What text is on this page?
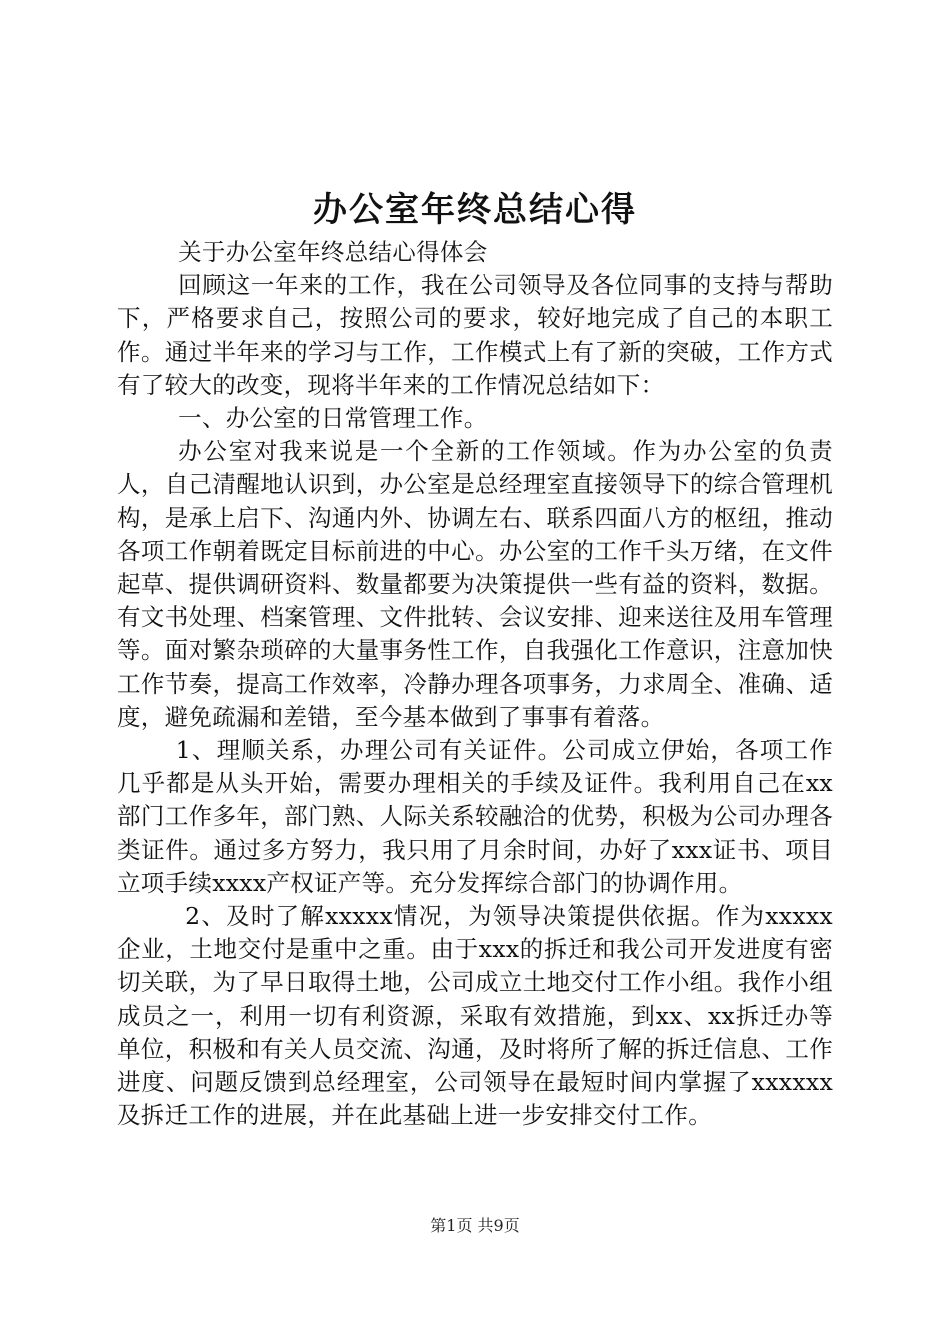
办公室年终总结心得

关于办公室年终总结心得体会

回顾这一年来的工作，我在公司领导及各位同事的支持与帮助下，严格要求自己，按照公司的要求，较好地完成了自己的本职工作。通过半年来的学习与工作，工作模式上有了新的突破，工作方式有了较大的改变，现将半年来的工作情况总结如下：

一、办公室的日常管理工作。

办公室对我来说是一个全新的工作领域。作为办公室的负责人，自己清醒地认识到，办公室是总经理室直接领导下的综合管理机构，是承上启下、沟通内外、协调左右、联系四面八方的枢纽，推动各项工作朝着既定目标前进的中心。办公室的工作千头万绪，在文件起草、提供调研资料、数量都要为决策提供一些有益的资料，数据。有文书处理、档案管理、文件批转、会议安排、迎来送往及用车管理等。面对繁杂琐碎的大量事务性工作，自我强化工作意识，注意加快工作节奏，提高工作效率，冷静办理各项事务，力求周全、准确、适度，避免疏漏和差错，至今基本做到了事事有着落。

1、理顺关系，办理公司有关证件。公司成立伊始，各项工作几乎都是从头开始，需要办理相关的手续及证件。我利用自己在xx部门工作多年，部门熟、人际关系较融洽的优势，积极为公司办理各类证件。通过多方努力，我只用了月余时间，办好了xxx证书、项目立项手续xxxx产权证产等。充分发挥综合部门的协调作用。

2、及时了解xxxxx情况，为领导决策提供依据。作为xxxxx企业，土地交付是重中之重。由于xxx的拆迁和我公司开发进度有密切关联，为了早日取得土地，公司成立土地交付工作小组。我作小组成员之一，利用一切有利资源，采取有效措施，到xx、xx拆迁办等单位，积极和有关人员交流、沟通，及时将所了解的拆迁信息、工作进度、问题反馈到总经理室，公司领导在最短时间内掌握了xxxxxx及拆迁工作的进展，并在此基础上进一步安排交付工作。

第1页 共9页
